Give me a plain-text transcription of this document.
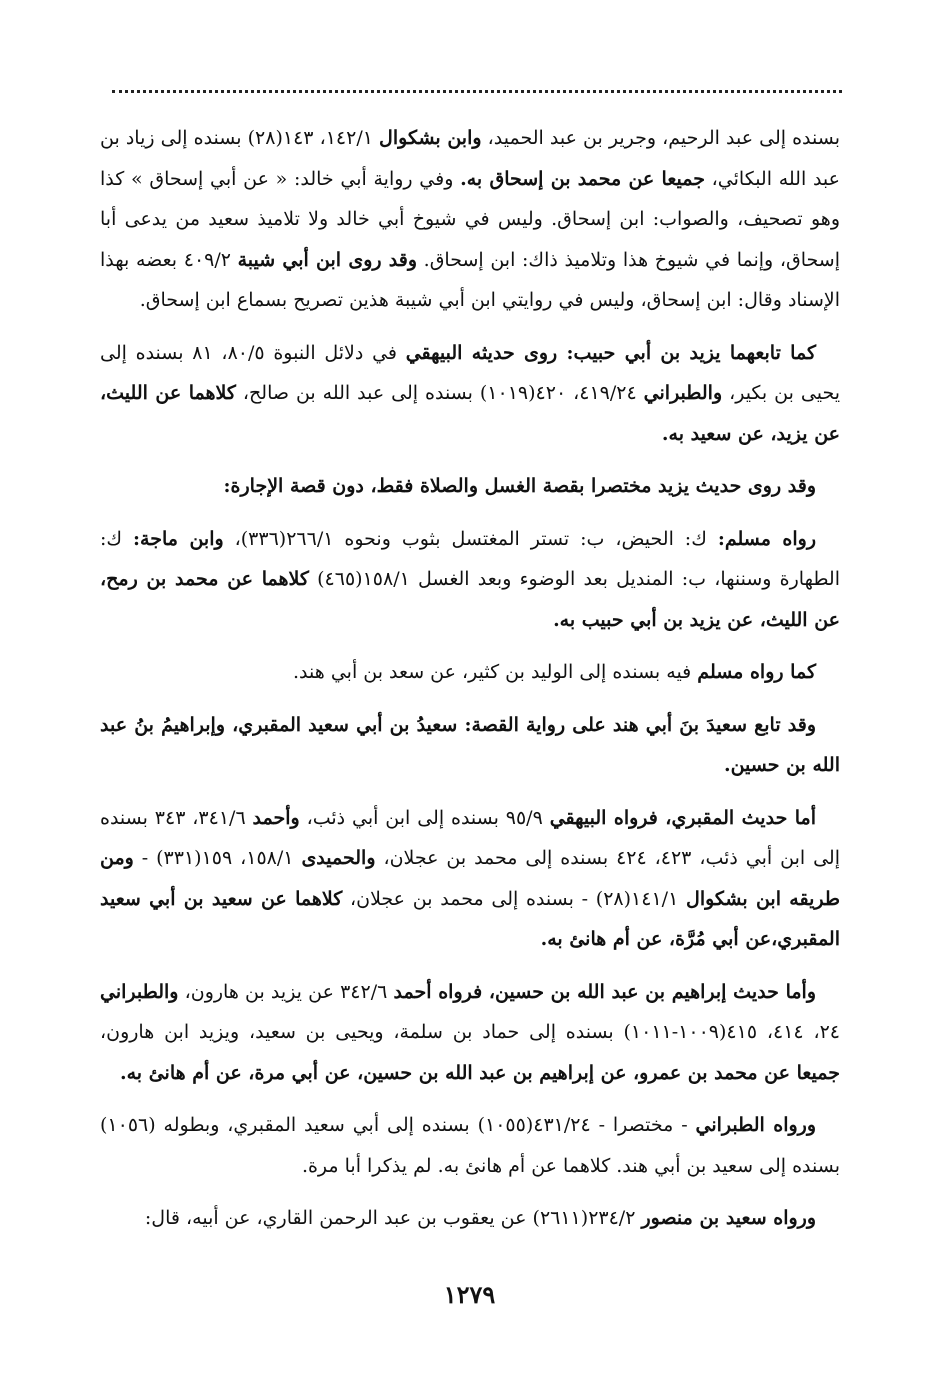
بسنده إلى عبد الرحيم، وجرير بن عبد الحميد، وابن بشكوال ١٤٢/١، ١٤٣(٢٨) بسنده إلى زياد بن عبد الله البكائي، جميعا عن محمد بن إسحاق به. وفي رواية أبي خالد: « عن أبي إسحاق » كذا وهو تصحيف، والصواب: ابن إسحاق. وليس في شيوخ أبي خالد ولا تلاميذ سعيد من يدعى أبا إسحاق، وإنما في شيوخ هذا وتلاميذ ذاك: ابن إسحاق. وقد روى ابن أبي شيبة ٤٠٩/٢ بعضه بهذا الإسناد وقال: ابن إسحاق، وليس في روايتي ابن أبي شيبة هذين تصريح بسماع ابن إسحاق.

كما تابعهما يزيد بن أبي حبيب: روى حديثه البيهقي في دلائل النبوة ٨٠/٥، ٨١ بسنده إلى يحيى بن بكير، والطبراني ٤١٩/٢٤، ٤٢٠(١٠١٩) بسنده إلى عبد الله بن صالح، كلاهما عن الليث، عن يزيد، عن سعيد به.

وقد روى حديث يزيد مختصرا بقصة الغسل والصلاة فقط، دون قصة الإجارة:

رواه مسلم: ك: الحيض، ب: تستر المغتسل بثوب ونحوه ٢٦٦/١(٣٣٦)، وابن ماجة: ك: الطهارة وسننها، ب: المنديل بعد الوضوء وبعد الغسل ١٥٨/١(٤٦٥) كلاهما عن محمد بن رمح، عن الليث، عن يزيد بن أبي حبيب به.

كما رواه مسلم فيه بسنده إلى الوليد بن كثير، عن سعد بن أبي هند.

وقد تابع سعيدَ بنَ أبي هند على رواية القصة: سعيدُ بن أبي سعيد المقبري، وإبراهيمُ بنُ عبد الله بن حسين.

أما حديث المقبري، فرواه البيهقي ٩٥/٩ بسنده إلى ابن أبي ذئب، وأحمد ٣٤١/٦، ٣٤٣ بسنده إلى ابن أبي ذئب، ٤٢٣، ٤٢٤ بسنده إلى محمد بن عجلان، والحميدى ١٥٨/١، ١٥٩(٣٣١) - ومن طريقه ابن بشكوال ١٤١/١(٢٨) - بسنده إلى محمد بن عجلان، كلاهما عن سعيد بن أبي سعيد المقبري،عن أبي مُرَّة، عن أم هانئ به.

وأما حديث إبراهيم بن عبد الله بن حسين، فرواه أحمد ٣٤٢/٦ عن يزيد بن هارون، والطبراني ٢٤، ٤١٤، ٤١٥(١٠٠٩-١٠١١) بسنده إلى حماد بن سلمة، ويحيى بن سعيد، ويزيد ابن هارون، جميعا عن محمد بن عمرو، عن إبراهيم بن عبد الله بن حسين، عن أبي مرة، عن أم هانئ به.

ورواه الطبراني - مختصرا - ٤٣١/٢٤(١٠٥٥) بسنده إلى أبي سعيد المقبري، وبطوله (١٠٥٦) بسنده إلى سعيد بن أبي هند. كلاهما عن أم هانئ به. لم يذكرا أبا مرة.

ورواه سعيد بن منصور ٢٣٤/٢(٢٦١١) عن يعقوب بن عبد الرحمن القاري، عن أبيه، قال:

١٢٧٩
